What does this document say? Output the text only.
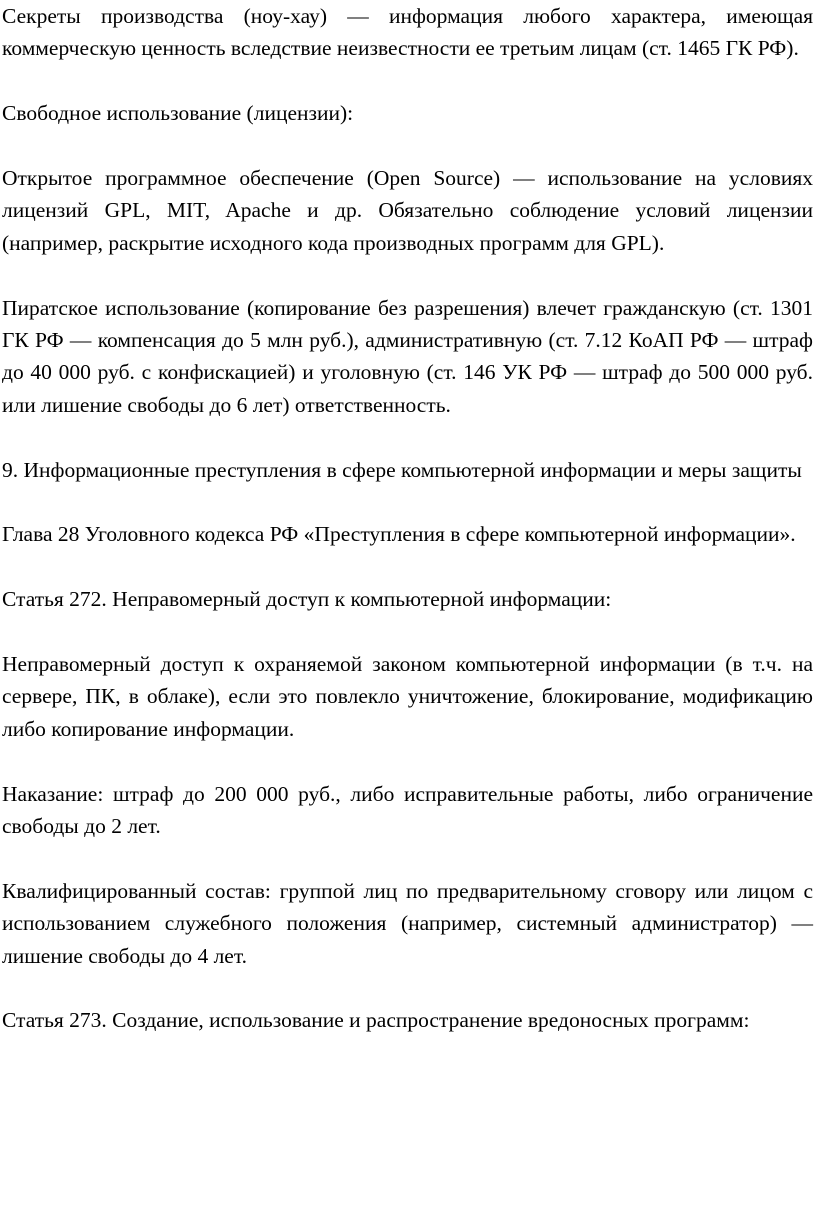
Секреты производства (ноу-хау) — информация любого характера, имеющая коммерческую ценность вследствие неизвестности ее третьим лицам (ст. 1465 ГК РФ).

Свободное использование (лицензии):

Открытое программное обеспечение (Open Source) — использование на условиях лицензий GPL, MIT, Apache и др. Обязательно соблюдение условий лицензии (например, раскрытие исходного кода производных программ для GPL).

Пиратское использование (копирование без разрешения) влечет гражданскую (ст. 1301 ГК РФ — компенсация до 5 млн руб.), административную (ст. 7.12 КоАП РФ — штраф до 40 000 руб. с конфискацией) и уголовную (ст. 146 УК РФ — штраф до 500 000 руб. или лишение свободы до 6 лет) ответственность.

9. Информационные преступления в сфере компьютерной информации и меры защиты

Глава 28 Уголовного кодекса РФ «Преступления в сфере компьютерной информации».

Статья 272. Неправомерный доступ к компьютерной информации:

Неправомерный доступ к охраняемой законом компьютерной информации (в т.ч. на сервере, ПК, в облаке), если это повлекло уничтожение, блокирование, модификацию либо копирование информации.

Наказание: штраф до 200 000 руб., либо исправительные работы, либо ограничение свободы до 2 лет.

Квалифицированный состав: группой лиц по предварительному сговору или лицом с использованием служебного положения (например, системный администратор) — лишение свободы до 4 лет.

Статья 273. Создание, использование и распространение вредоносных программ:
